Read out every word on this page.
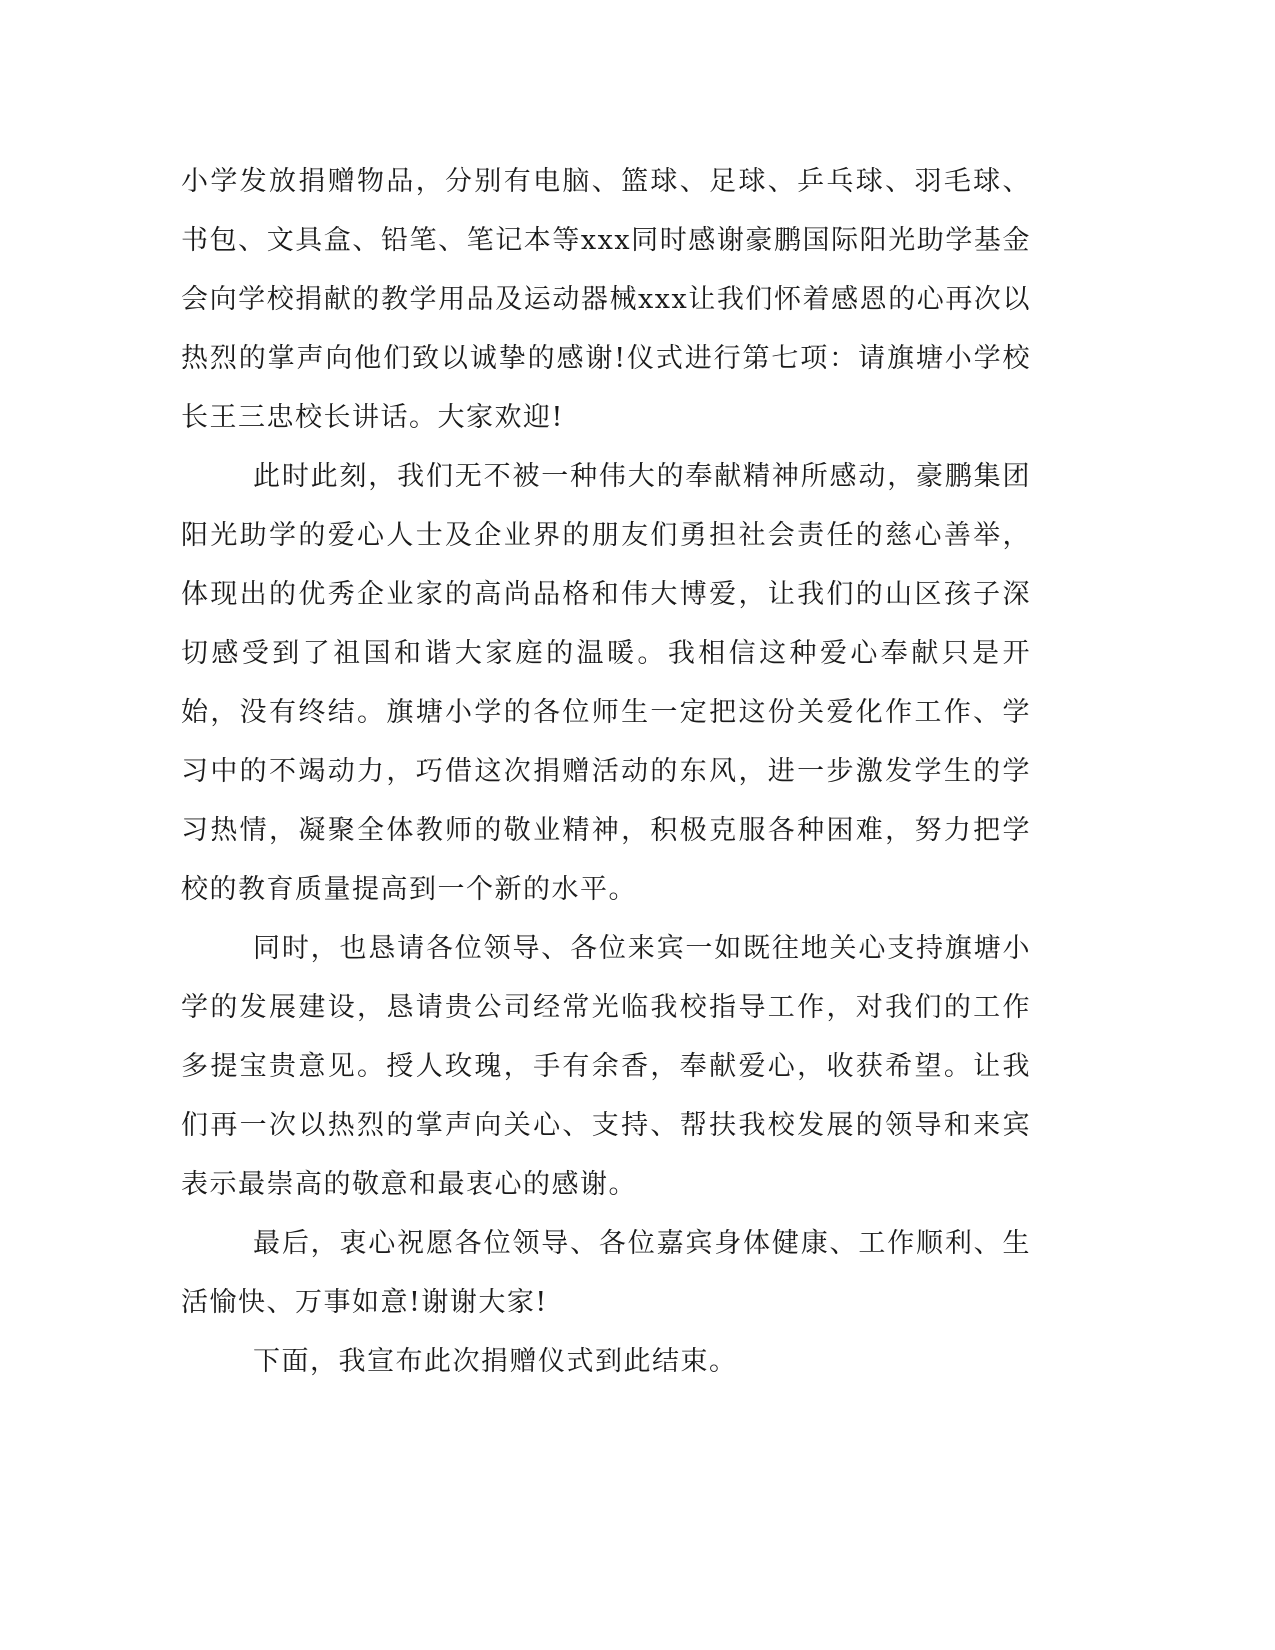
小学发放捐赠物品，分别有电脑、篮球、足球、乒乓球、羽毛球、书包、文具盒、铅笔、笔记本等xxx同时感谢豪鹏国际阳光助学基金会向学校捐献的教学用品及运动器械xxx让我们怀着感恩的心再次以热烈的掌声向他们致以诚挚的感谢!仪式进行第七项：请旗塘小学校长王三忠校长讲话。大家欢迎!

此时此刻，我们无不被一种伟大的奉献精神所感动，豪鹏集团阳光助学的爱心人士及企业界的朋友们勇担社会责任的慈心善举，体现出的优秀企业家的高尚品格和伟大博爱，让我们的山区孩子深切感受到了祖国和谐大家庭的温暖。我相信这种爱心奉献只是开始，没有终结。旗塘小学的各位师生一定把这份关爱化作工作、学习中的不竭动力，巧借这次捐赠活动的东风，进一步激发学生的学习热情，凝聚全体教师的敬业精神，积极克服各种困难，努力把学校的教育质量提高到一个新的水平。

同时，也恳请各位领导、各位来宾一如既往地关心支持旗塘小学的发展建设，恳请贵公司经常光临我校指导工作，对我们的工作多提宝贵意见。授人玫瑰，手有余香，奉献爱心，收获希望。让我们再一次以热烈的掌声向关心、支持、帮扶我校发展的领导和来宾表示最崇高的敬意和最衷心的感谢。

最后，衷心祝愿各位领导、各位嘉宾身体健康、工作顺利、生活愉快、万事如意!谢谢大家!

下面，我宣布此次捐赠仪式到此结束。
